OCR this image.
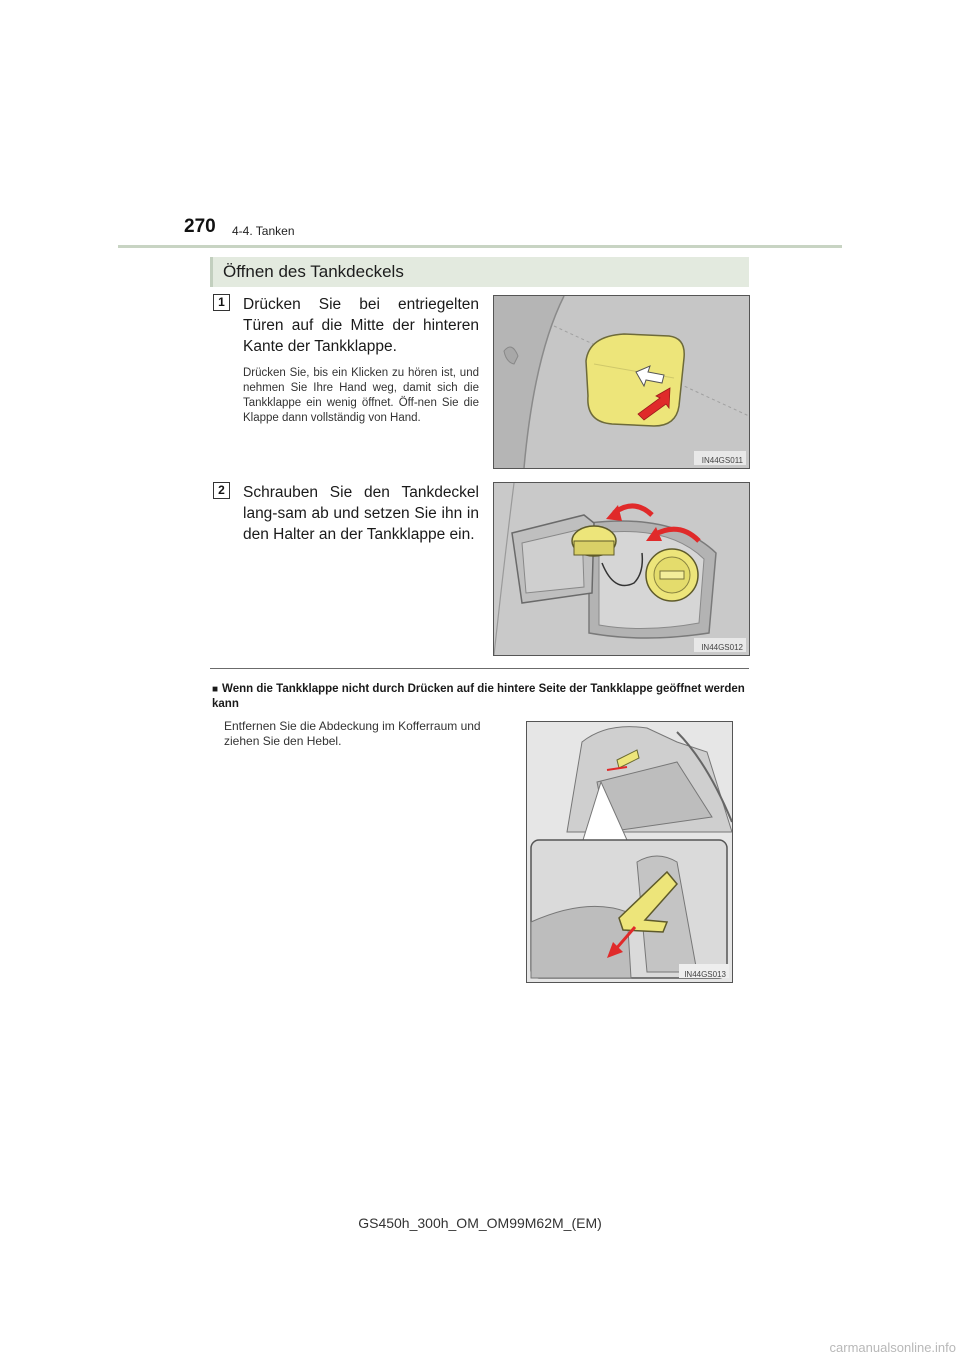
270 4-4. Tanken
Öffnen des Tankdeckels
1	Drücken Sie bei entriegelten Türen auf die Mitte der hinteren Kante der Tankklappe.
Drücken Sie, bis ein Klicken zu hören ist, und nehmen Sie Ihre Hand weg, damit sich die Tankklappe ein wenig öffnet. Öff-nen Sie die Klappe dann vollständig von Hand.
IN44GS011
2	Schrauben Sie den Tankdeckel lang-sam ab und setzen Sie ihn in den Halter an der Tankklappe ein.
IN44GS012
■ Wenn die Tankklappe nicht durch Drücken auf die hintere Seite der Tankklappe geöffnet werden kann
Entfernen Sie die Abdeckung im Kofferraum und ziehen Sie den Hebel.
IN44GS013
GS450h_300h_OM_OM99M62M_(EM)
carmanualsonline.info
